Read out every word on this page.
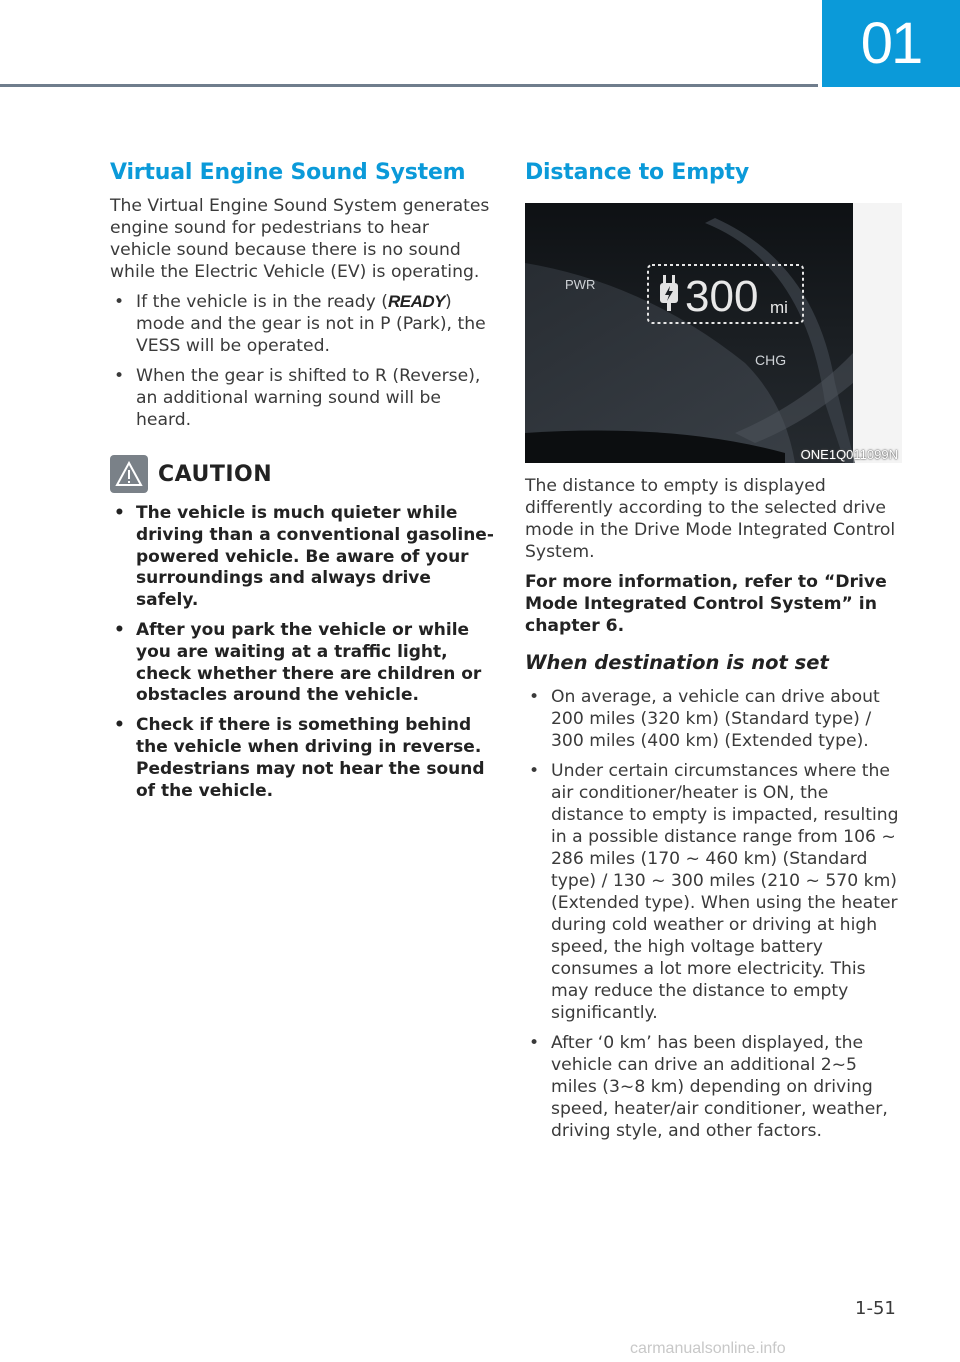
01
Virtual Engine Sound System

The Virtual Engine Sound System generates engine sound for pedestrians to hear vehicle sound because there is no sound while the Electric Vehicle (EV) is operating.

• If the vehicle is in the ready (READY) mode and the gear is not in P (Park), the VESS will be operated.
• When the gear is shifted to R (Reverse), an additional warning sound will be heard.
CAUTION
• The vehicle is much quieter while driving than a conventional gasoline-powered vehicle. Be aware of your surroundings and always drive safely.
• After you park the vehicle or while you are waiting at a traffic light, check whether there are children or obstacles around the vehicle.
• Check if there is something behind the vehicle when driving in reverse. Pedestrians may not hear the sound of the vehicle.
Distance to Empty
PWR
CHG
300 mi
ONE1Q011099N

The distance to empty is displayed differently according to the selected drive mode in the Drive Mode Integrated Control System.

For more information, refer to “Drive Mode Integrated Control System” in chapter 6.

When destination is not set
• On average, a vehicle can drive about 200 miles (320 km) (Standard type) / 300 miles (400 km) (Extended type).
• Under certain circumstances where the air conditioner/heater is ON, the distance to empty is impacted, resulting in a possible distance range from 106 ~ 286 miles (170 ~ 460 km) (Standard type) / 130 ~ 300 miles (210 ~ 570 km) (Extended type). When using the heater during cold weather or driving at high speed, the high voltage battery consumes a lot more electricity. This may reduce the distance to empty significantly.
• After ‘0 km’ has been displayed, the vehicle can drive an additional 2~5 miles (3~8 km) depending on driving speed, heater/air conditioner, weather, driving style, and other factors.
1-51
carmanualsonline.info
